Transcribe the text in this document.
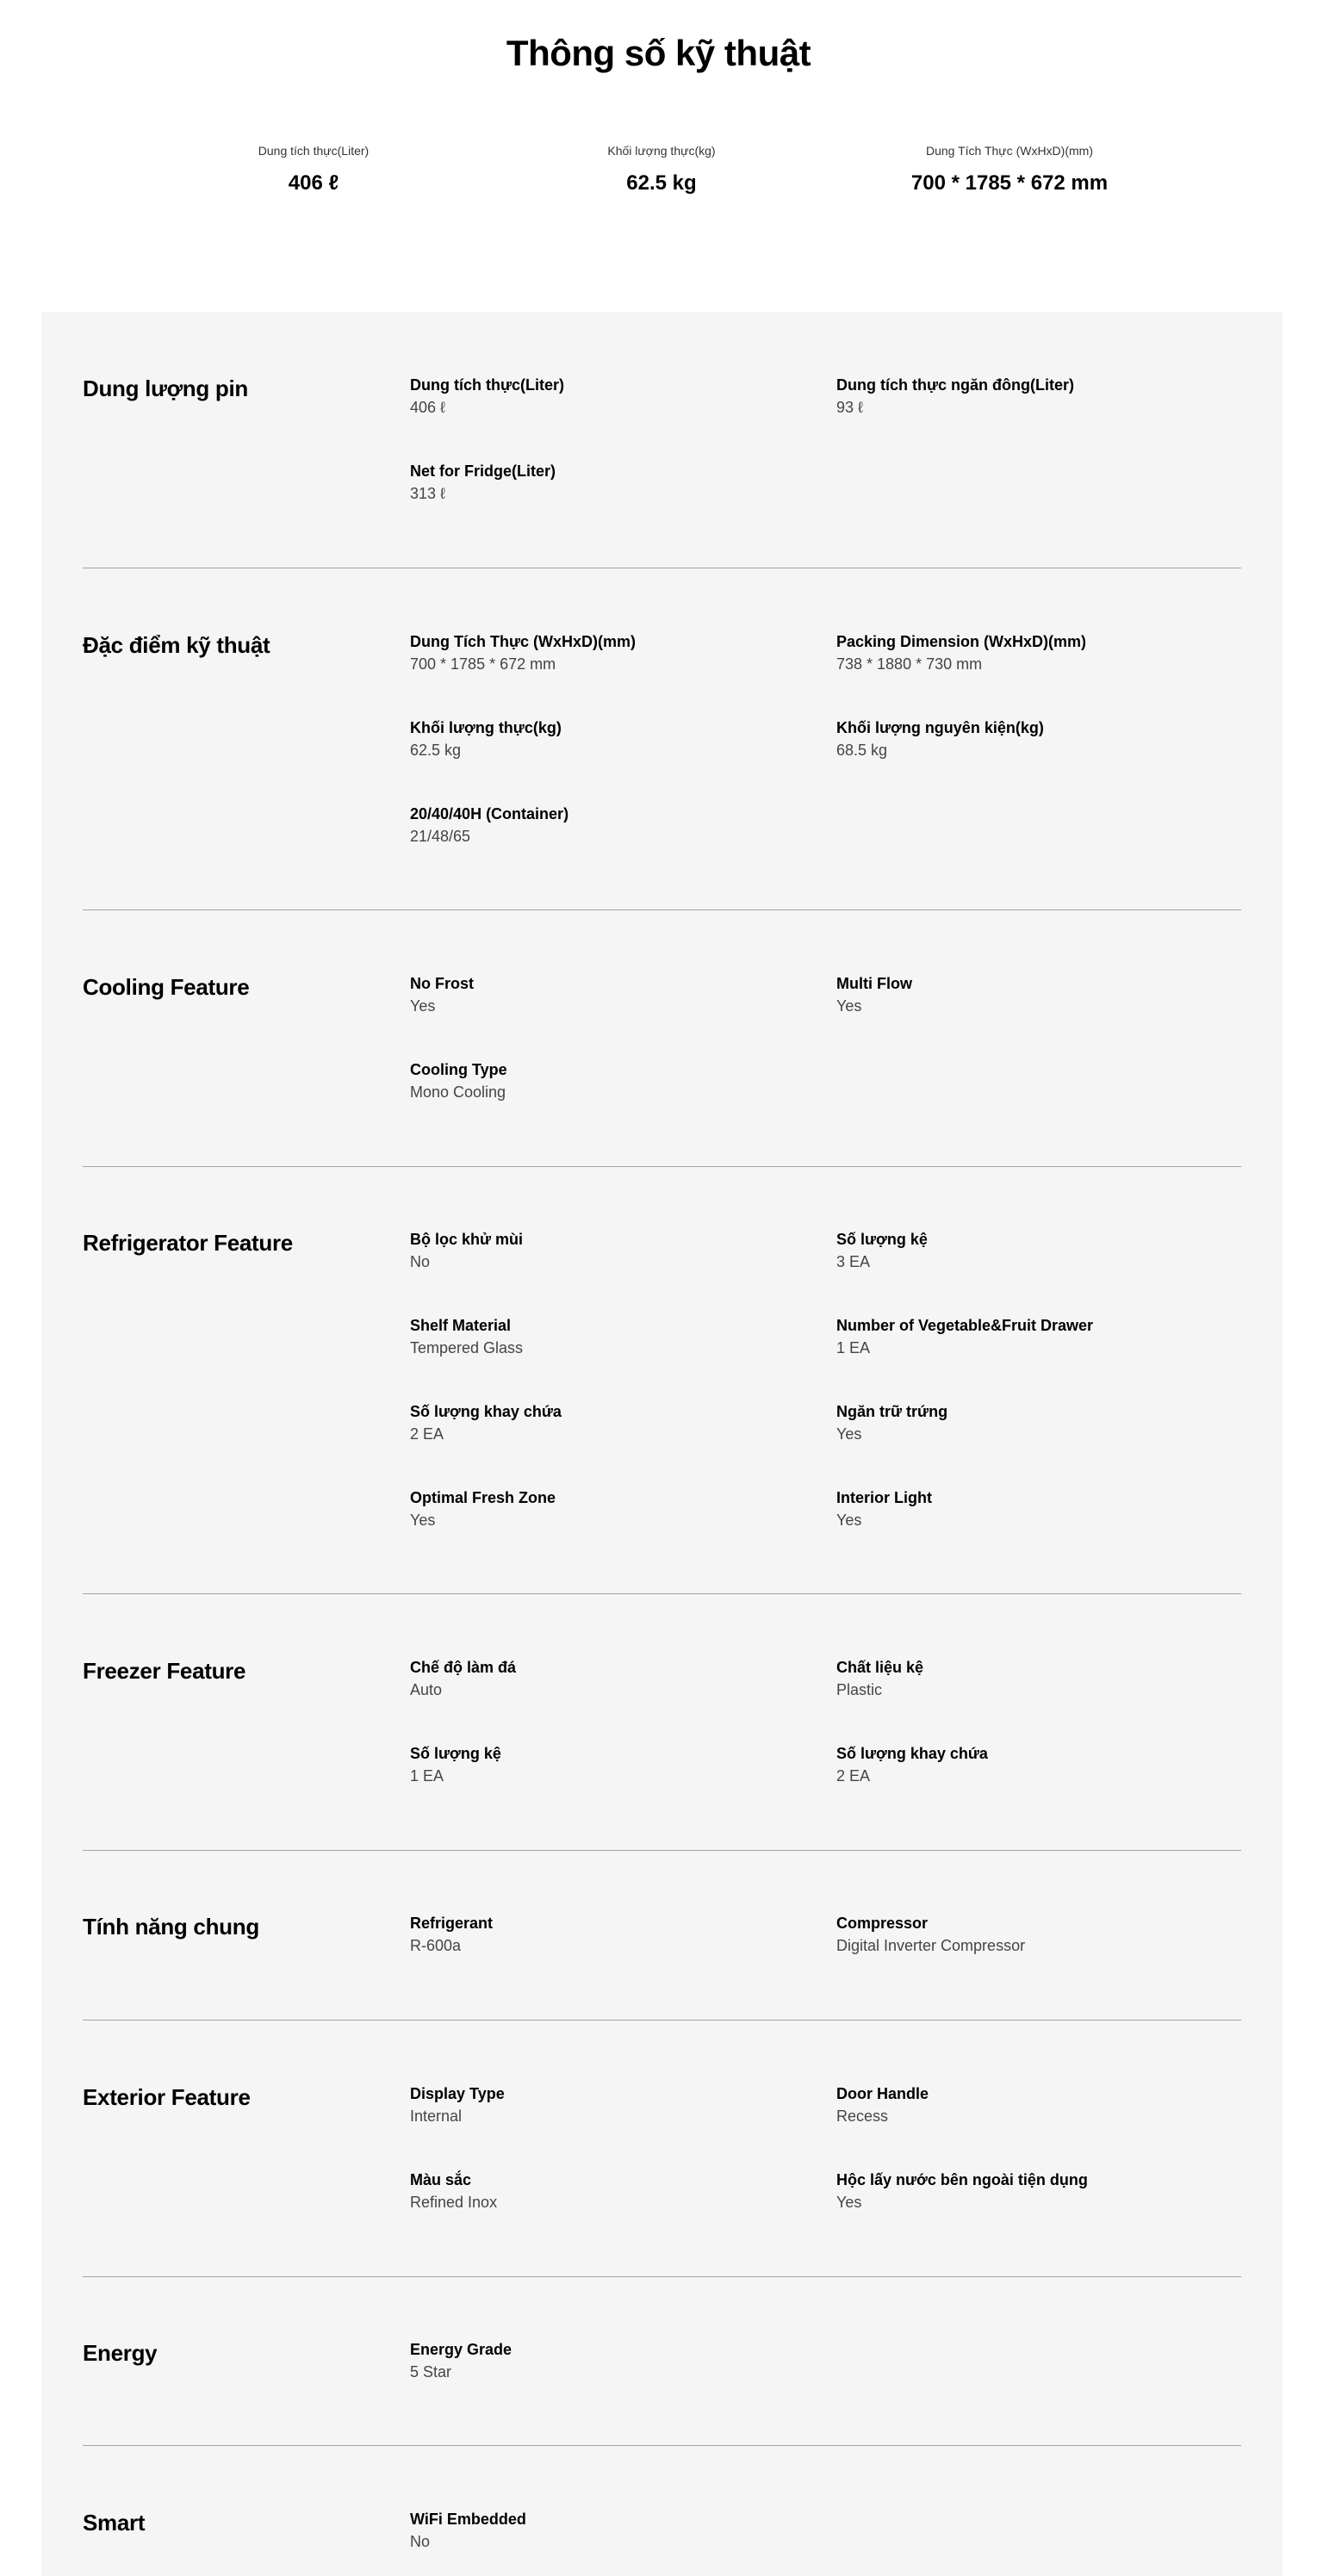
Thông số kỹ thuật
Dung tích thực(Liter)
406 ℓ
Khối lượng thực(kg)
62.5 kg
Dung Tích Thực (WxHxD)(mm)
700 * 1785 * 672 mm
Dung lượng pin	Dung tích thực(Liter)
406 ℓ
Dung tích thực ngăn đông(Liter)
93 ℓ
Net for Fridge(Liter)
313 ℓ
Đặc điểm kỹ thuật	Dung Tích Thực (WxHxD)(mm)
700 * 1785 * 672 mm
Packing Dimension (WxHxD)(mm)
738 * 1880 * 730 mm
Khối lượng thực(kg)
62.5 kg
Khối lượng nguyên kiện(kg)
68.5 kg
20/40/40H (Container)
21/48/65
Cooling Feature	No Frost
Yes
Multi Flow
Yes
Cooling Type
Mono Cooling
Refrigerator Feature	Bộ lọc khử mùi
No
Số lượng kệ
3 EA
Shelf Material
Tempered Glass
Number of Vegetable&Fruit Drawer
1 EA
Số lượng khay chứa
2 EA
Ngăn trữ trứng
Yes
Optimal Fresh Zone
Yes
Interior Light
Yes
Freezer Feature	Chế độ làm đá
Auto
Chất liệu kệ
Plastic
Số lượng kệ
1 EA
Số lượng khay chứa
2 EA
Tính năng chung	Refrigerant
R-600a
Compressor
Digital Inverter Compressor
Exterior Feature	Display Type
Internal
Door Handle
Recess
Màu sắc
Refined Inox
Hộc lấy nước bên ngoài tiện dụng
Yes
Energy	Energy Grade
5 Star
Smart	WiFi Embedded
No
